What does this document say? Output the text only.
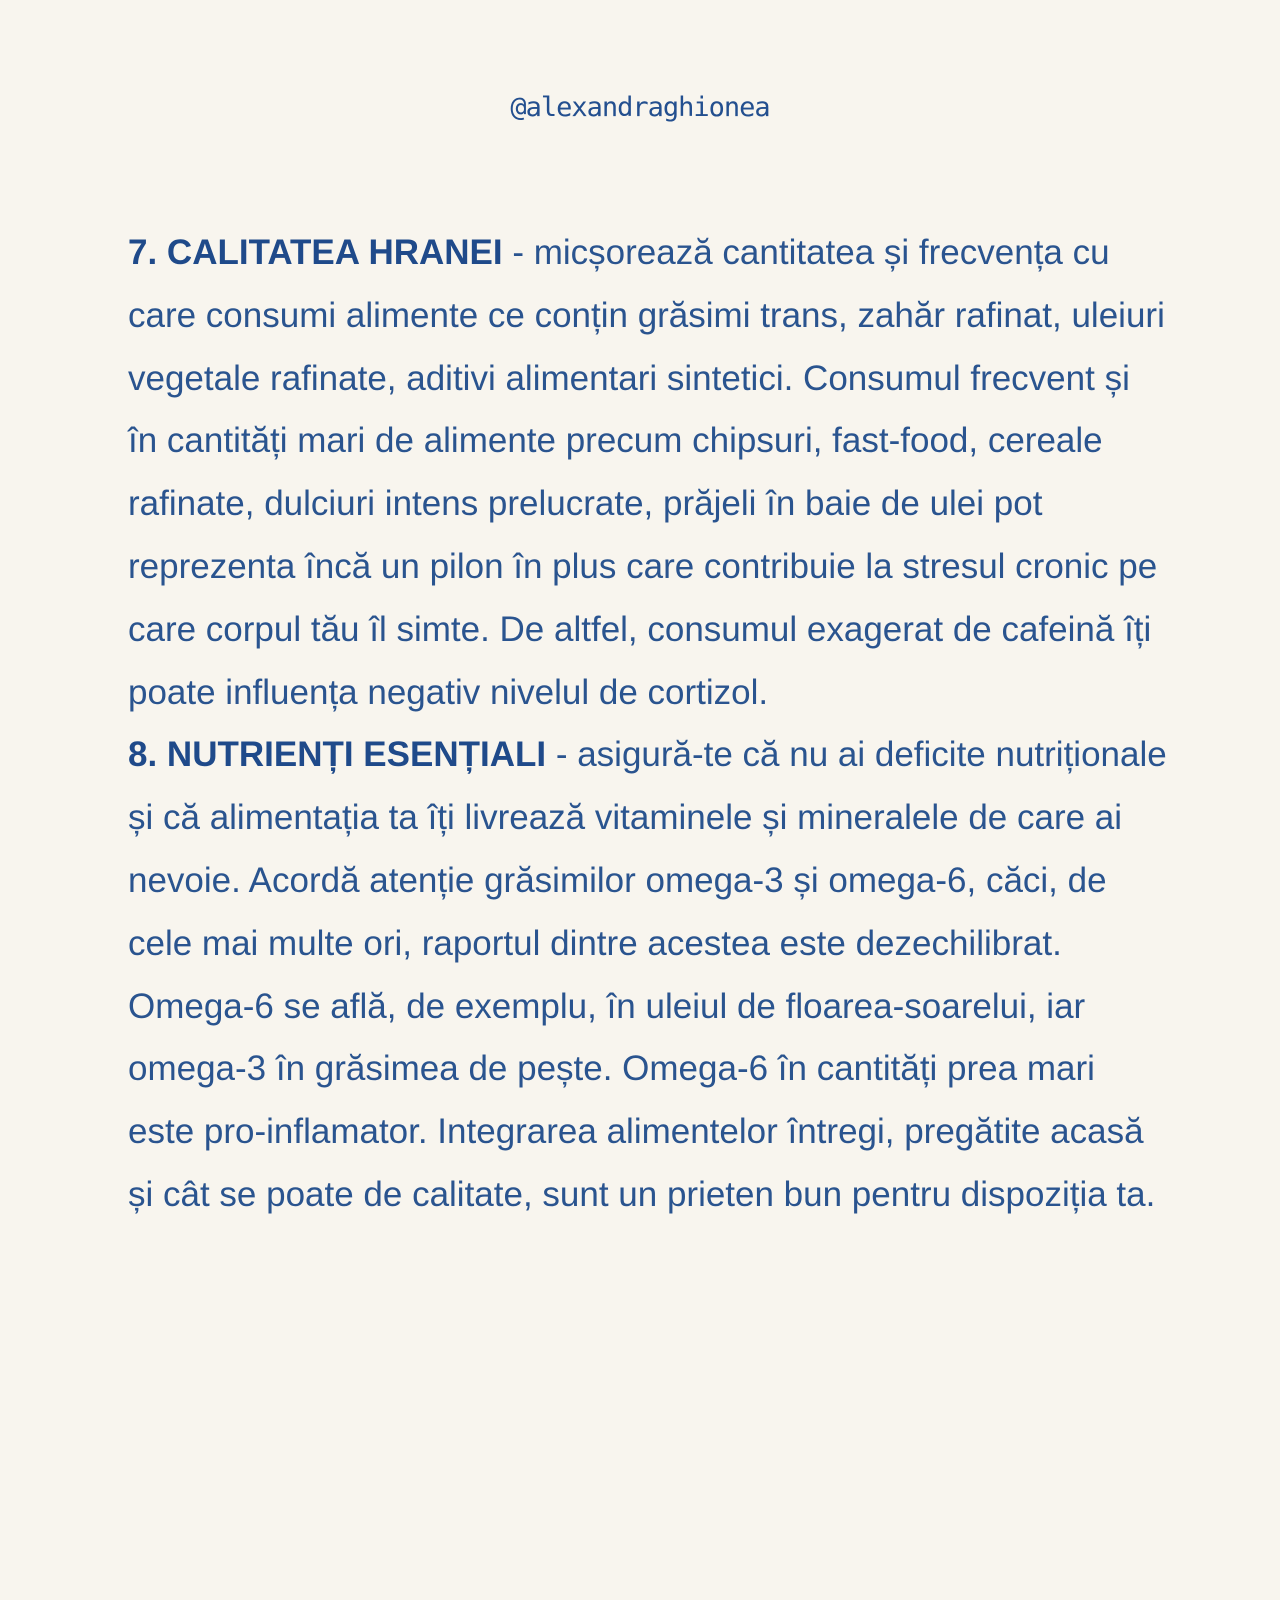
@alexandraghionea

7. CALITATEA HRANEI - micșorează cantitatea și frecvența cu care consumi alimente ce conțin grăsimi trans, zahăr rafinat, uleiuri vegetale rafinate, aditivi alimentari sintetici. Consumul frecvent și în cantități mari de alimente precum chipsuri, fast-food, cereale rafinate, dulciuri intens prelucrate, prăjeli în baie de ulei pot reprezenta încă un pilon în plus care contribuie la stresul cronic pe care corpul tău îl simte. De altfel, consumul exagerat de cafeină îți poate influența negativ nivelul de cortizol.

8. NUTRIENȚI ESENȚIALI - asigură-te că nu ai deficite nutriționale și că alimentația ta îți livrează vitaminele și mineralele de care ai nevoie. Acordă atenție grăsimilor omega-3 și omega-6, căci, de cele mai multe ori, raportul dintre acestea este dezechilibrat. Omega-6 se află, de exemplu, în uleiul de floarea-soarelui, iar omega-3 în grăsimea de pește. Omega-6 în cantități prea mari este pro-inflamator. Integrarea alimentelor întregi, pregătite acasă și cât se poate de calitate, sunt un prieten bun pentru dispoziția ta.
